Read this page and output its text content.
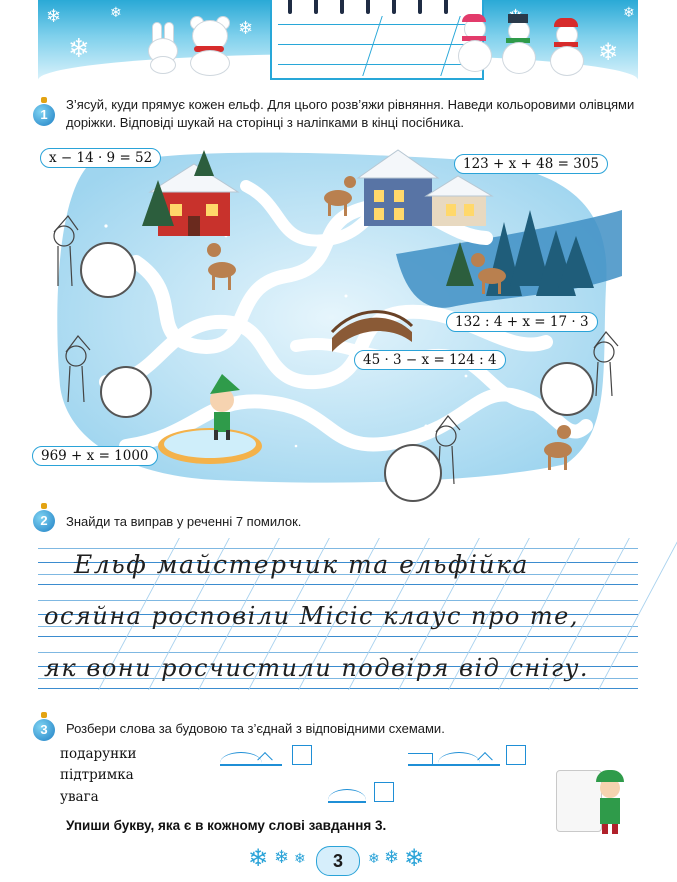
❄
❄
❄
❄
❄
❄
1
З’ясуй, куди прямує кожен ельф. Для цього розв’яжи рівняння. Наведи кольоровими олівцями доріжки. Відповіді шукай на сторінці з наліпками в кінці посібника.
x − 14 · 9 = 52	123 + x + 48 = 305
132 : 4 + x = 17 · 3
45 · 3 − x = 124 : 4
969 + x = 1000
2	Знайди та виправ у реченні 7 помилок.
Ельф майстерчик та ельфійка
осяйна росповіли Місіс клаус про те,
як вони росчистили подвіря від снігу.
3	Розбери слова за будовою та з’єднай з відповідними схемами.
подарунки
підтримка
увага
Упиши букву, яка є в кожному слові завдання 3.
❄ ❄ ❄	3	❄ ❄ ❄
